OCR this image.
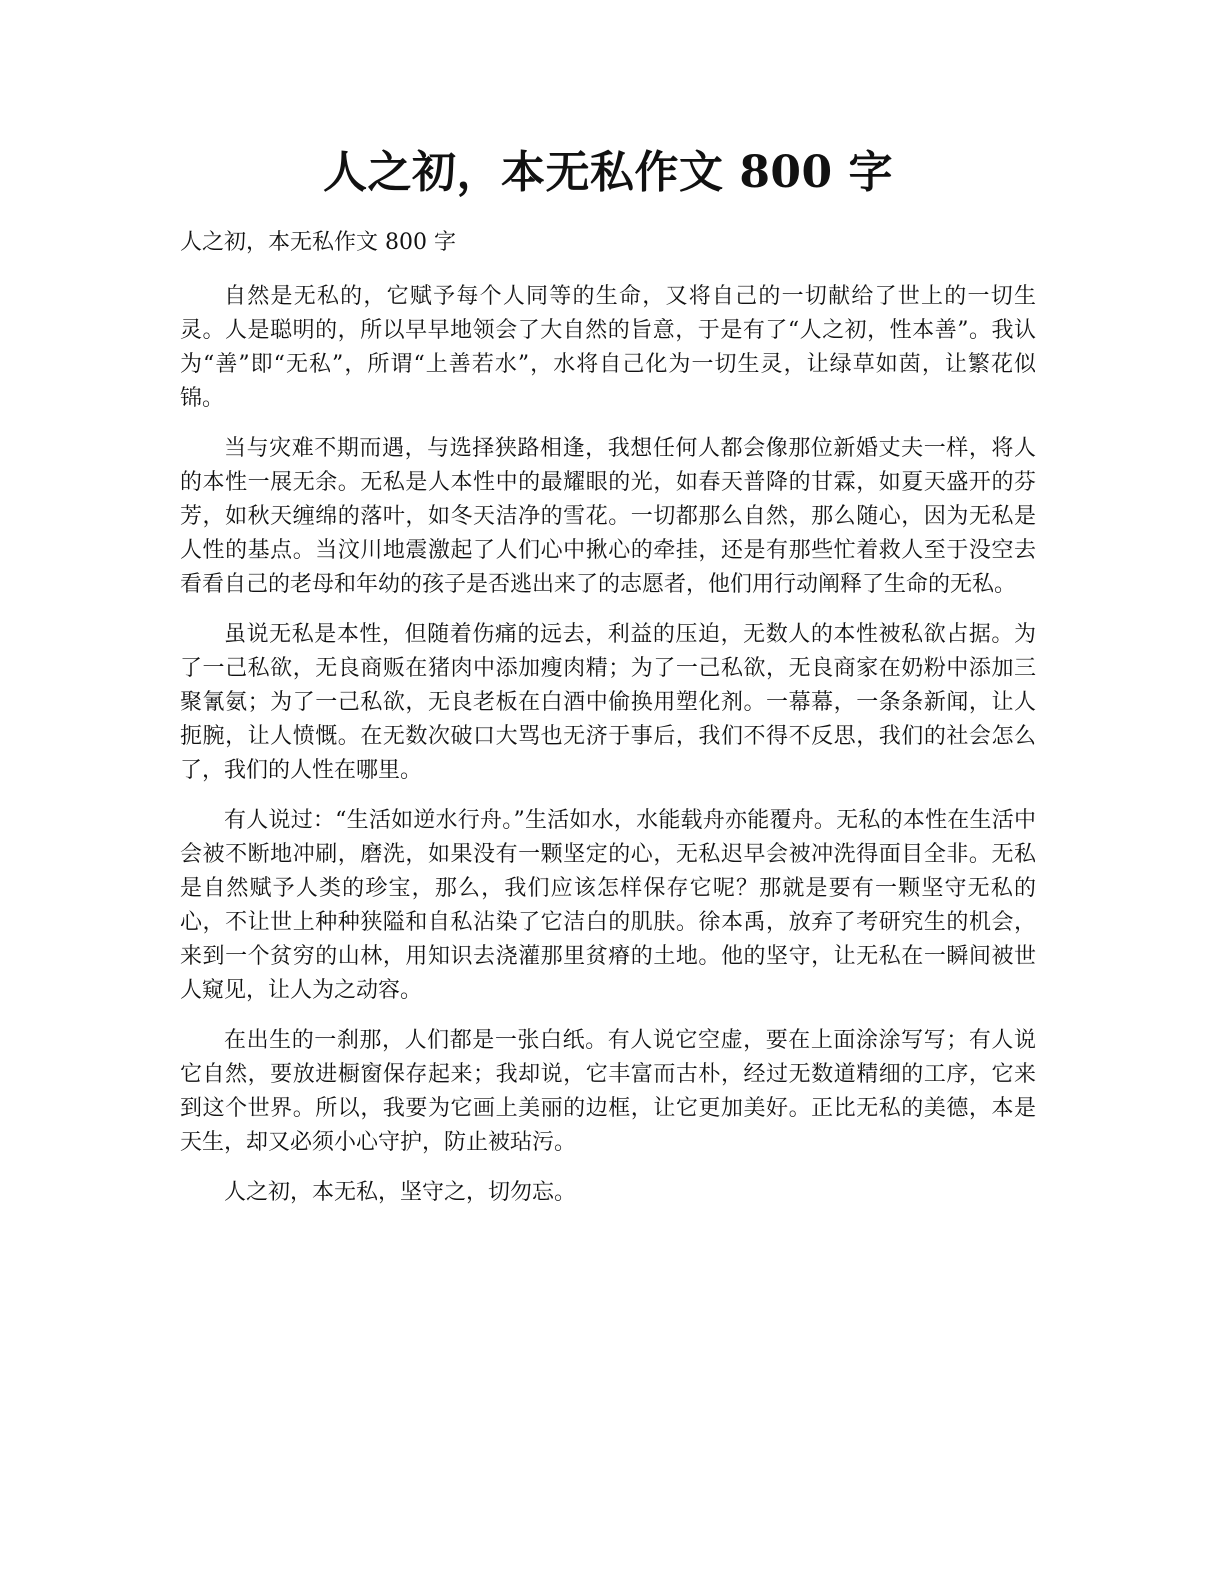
人之初，本无私作文 800 字

人之初，本无私作文 800 字

自然是无私的，它赋予每个人同等的生命，又将自己的一切献给了世上的一切生灵。人是聪明的，所以早早地领会了大自然的旨意，于是有了“人之初，性本善”。我认为“善”即“无私”，所谓“上善若水”，水将自己化为一切生灵，让绿草如茵，让繁花似锦。

当与灾难不期而遇，与选择狭路相逢，我想任何人都会像那位新婚丈夫一样，将人的本性一展无余。无私是人本性中的最耀眼的光，如春天普降的甘霖，如夏天盛开的芬芳，如秋天缠绵的落叶，如冬天洁净的雪花。一切都那么自然，那么随心，因为无私是人性的基点。当汶川地震激起了人们心中揪心的牵挂，还是有那些忙着救人至于没空去看看自己的老母和年幼的孩子是否逃出来了的志愿者，他们用行动阐释了生命的无私。

虽说无私是本性，但随着伤痛的远去，利益的压迫，无数人的本性被私欲占据。为了一己私欲，无良商贩在猪肉中添加瘦肉精；为了一己私欲，无良商家在奶粉中添加三聚氰氨；为了一己私欲，无良老板在白酒中偷换用塑化剂。一幕幕，一条条新闻，让人扼腕，让人愤慨。在无数次破口大骂也无济于事后，我们不得不反思，我们的社会怎么了，我们的人性在哪里。

有人说过：“生活如逆水行舟。”生活如水，水能载舟亦能覆舟。无私的本性在生活中会被不断地冲刷，磨洗，如果没有一颗坚定的心，无私迟早会被冲洗得面目全非。无私是自然赋予人类的珍宝，那么，我们应该怎样保存它呢？那就是要有一颗坚守无私的心，不让世上种种狭隘和自私沾染了它洁白的肌肤。徐本禹，放弃了考研究生的机会，来到一个贫穷的山林，用知识去浇灌那里贫瘠的土地。他的坚守，让无私在一瞬间被世人窥见，让人为之动容。

在出生的一刹那，人们都是一张白纸。有人说它空虚，要在上面涂涂写写；有人说它自然，要放进橱窗保存起来；我却说，它丰富而古朴，经过无数道精细的工序，它来到这个世界。所以，我要为它画上美丽的边框，让它更加美好。正比无私的美德，本是天生，却又必须小心守护，防止被玷污。

人之初，本无私，坚守之，切勿忘。
